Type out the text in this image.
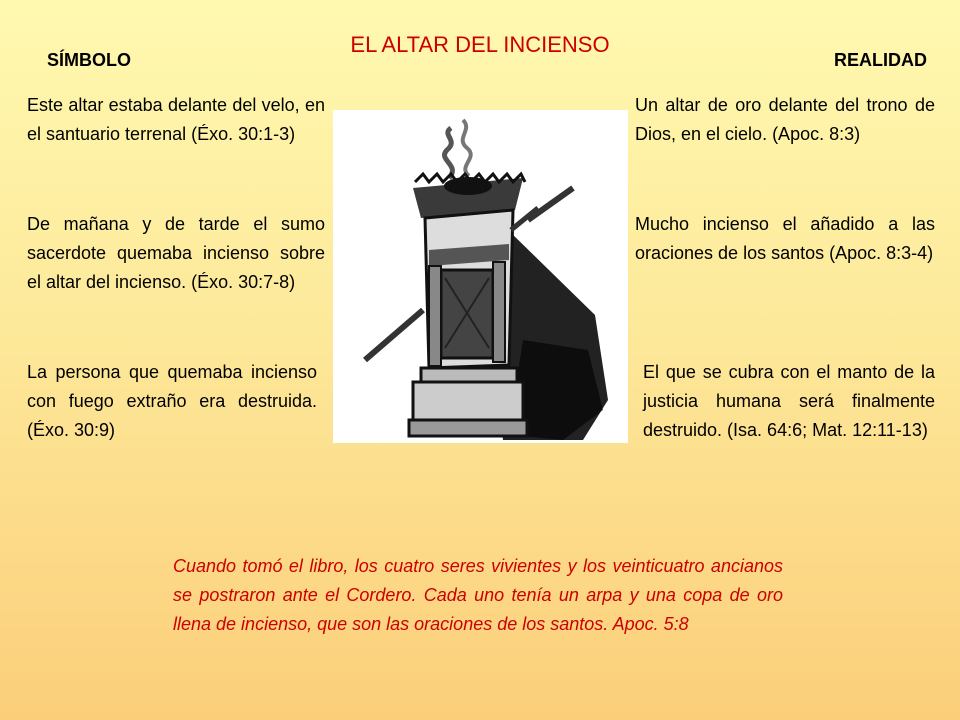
EL ALTAR DEL INCIENSO
SÍMBOLO	REALIDAD
Este altar estaba delante del velo, en el santuario terrenal (Éxo. 30:1-3)
De mañana y de tarde el sumo sacerdote quemaba incienso sobre el altar del incienso. (Éxo. 30:7-8)
La persona que quemaba incienso con fuego extraño era destruida. (Éxo. 30:9)
Un altar de oro delante del trono de Dios, en el cielo. (Apoc. 8:3)
Mucho incienso el añadido a las oraciones de los santos (Apoc. 8:3-4)
El que se cubra con el manto de la justicia humana será finalmente destruido. (Isa. 64:6; Mat. 12:11-13)
Cuando tomó el libro, los cuatro seres vivientes y los veinticuatro ancianos se postraron ante el Cordero. Cada uno tenía un arpa y una copa de oro llena de incienso, que son las oraciones de los santos. Apoc. 5:8
